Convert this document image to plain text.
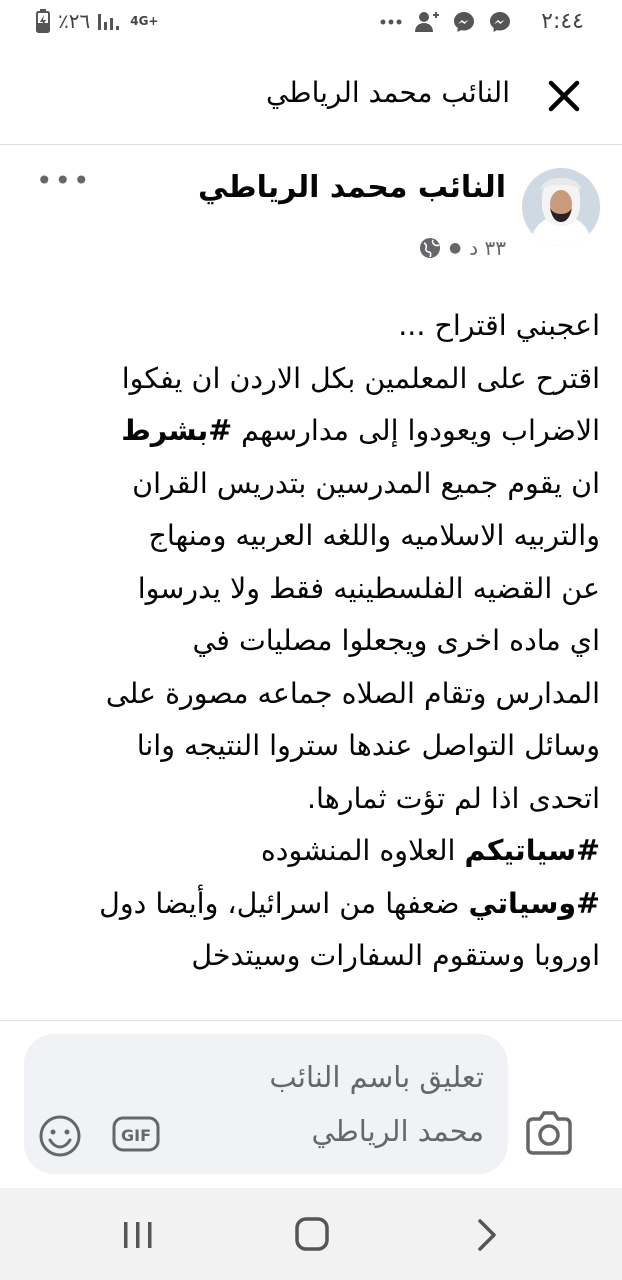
٢:٤٤
٪٢٦	4G+
النائب محمد الرياطي
النائب محمد الرياطي
٣٣ د
●
•••
اعجبني اقتراح ...
اقترح على المعلمين بكل الاردن ان يفكوا
الاضراب ويعودوا إلى مدارسهم #بشرط
ان يقوم جميع المدرسين بتدريس القران
والتربيه الاسلاميه واللغه العربيه ومنهاج
عن القضيه الفلسطينيه فقط ولا يدرسوا
اي ماده اخرى ويجعلوا مصليات في
المدارس وتقام الصلاه جماعه مصورة على
وسائل التواصل عندها ستروا النتيجه وانا
اتحدى اذا لم تؤت ثمارها.
#سياتيكم العلاوه المنشوده
#وسياتي ضعفها من اسرائيل، وأيضا دول
اوروبا وستقوم السفارات وسيتدخل
تعليق باسم النائب
محمد الرياطي
GIF
